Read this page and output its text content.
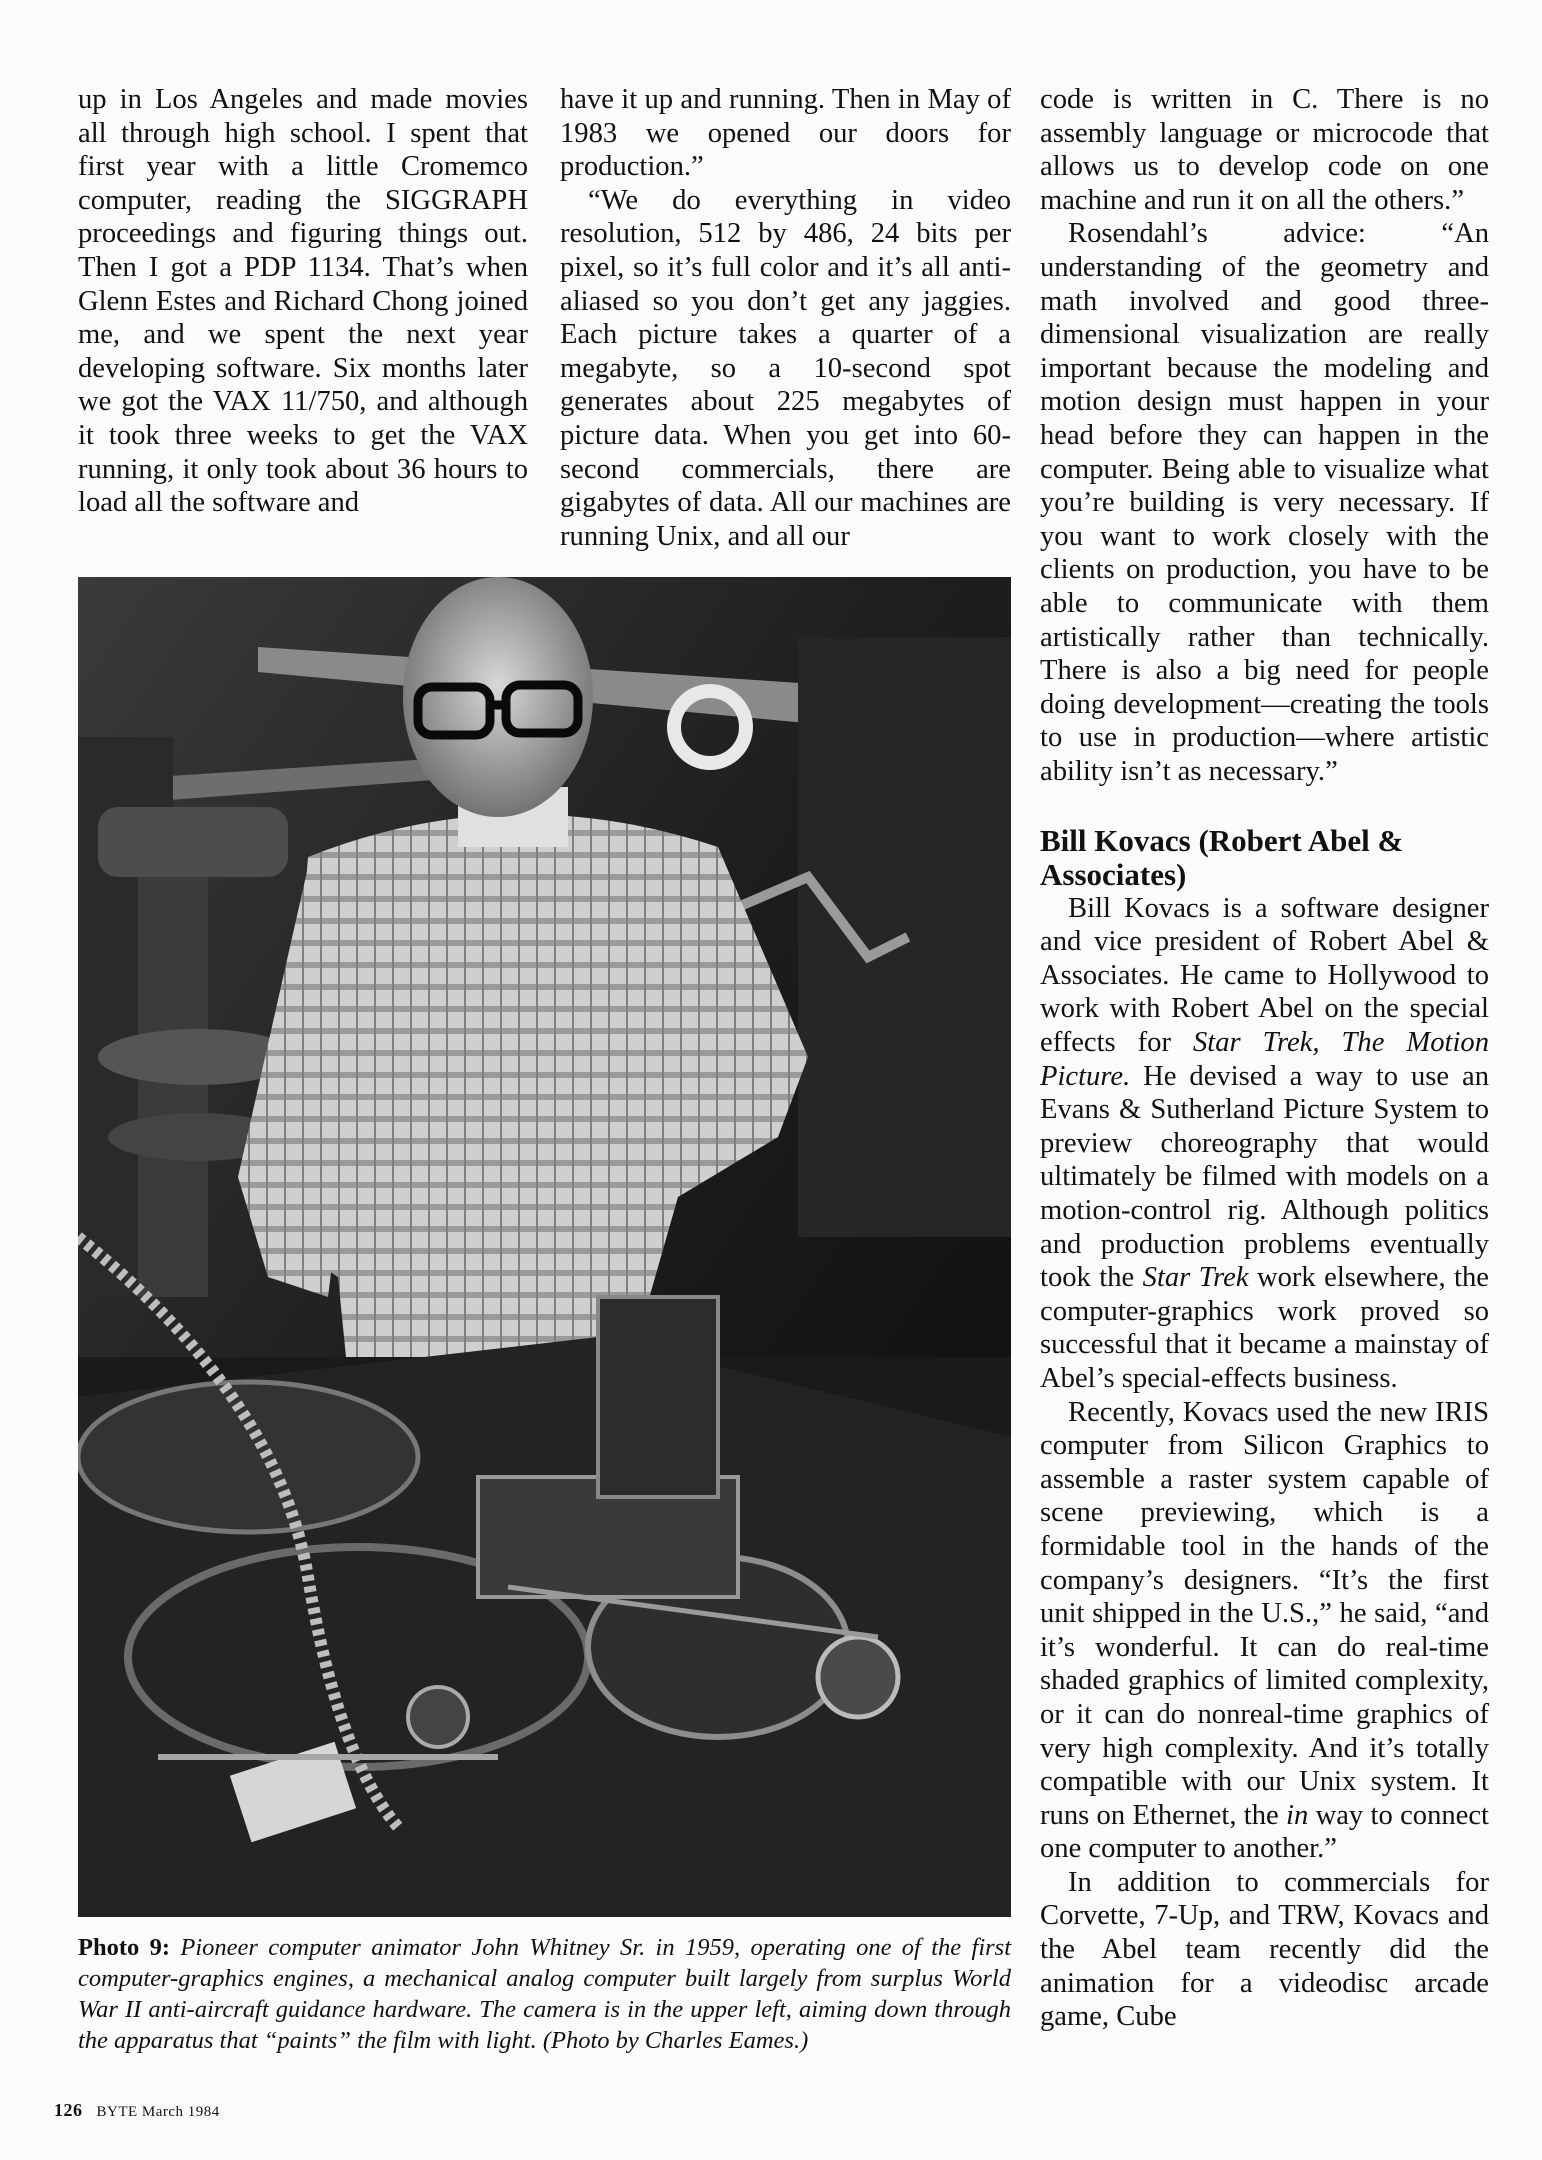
up in Los Angeles and made movies all through high school. I spent that first year with a little Cromemco computer, reading the SIGGRAPH proceedings and figuring things out. Then I got a PDP 1134. That’s when Glenn Estes and Richard Chong joined me, and we spent the next year developing software. Six months later we got the VAX 11/750, and although it took three weeks to get the VAX running, it only took about 36 hours to load all the software and

have it up and running. Then in May of 1983 we opened our doors for production.”

“We do everything in video resolution, 512 by 486, 24 bits per pixel, so it’s full color and it’s all anti-aliased so you don’t get any jaggies. Each picture takes a quarter of a megabyte, so a 10-second spot generates about 225 megabytes of picture data. When you get into 60-second commercials, there are gigabytes of data. All our machines are running Unix, and all our

code is written in C. There is no assembly language or microcode that allows us to develop code on one machine and run it on all the others.”

Rosendahl’s advice: “An understanding of the geometry and math involved and good three-dimensional visualization are really important because the modeling and motion design must happen in your head before they can happen in the computer. Being able to visualize what you’re building is very necessary. If you want to work closely with the clients on production, you have to be able to communicate with them artistically rather than technically. There is also a big need for people doing development—creating the tools to use in production—where artistic ability isn’t as necessary.”

Bill Kovacs (Robert Abel & Associates)

Bill Kovacs is a software designer and vice president of Robert Abel & Associates. He came to Hollywood to work with Robert Abel on the special effects for Star Trek, The Motion Picture. He devised a way to use an Evans & Sutherland Picture System to preview choreography that would ultimately be filmed with models on a motion-control rig. Although politics and production problems eventually took the Star Trek work elsewhere, the computer-graphics work proved so successful that it became a mainstay of Abel’s special-effects business.

Recently, Kovacs used the new IRIS computer from Silicon Graphics to assemble a raster system capable of scene previewing, which is a formidable tool in the hands of the company’s designers. “It’s the first unit shipped in the U.S.,” he said, “and it’s wonderful. It can do real-time shaded graphics of limited complexity, or it can do nonreal-time graphics of very high complexity. And it’s totally compatible with our Unix system. It runs on Ethernet, the in way to connect one computer to another.”

In addition to commercials for Corvette, 7-Up, and TRW, Kovacs and the Abel team recently did the animation for a videodisc arcade game, Cube

Photo 9: Pioneer computer animator John Whitney Sr. in 1959, operating one of the first computer-graphics engines, a mechanical analog computer built largely from surplus World War II anti-aircraft guidance hardware. The camera is in the upper left, aiming down through the apparatus that “paints” the film with light. (Photo by Charles Eames.)
126 BYTE March 1984
